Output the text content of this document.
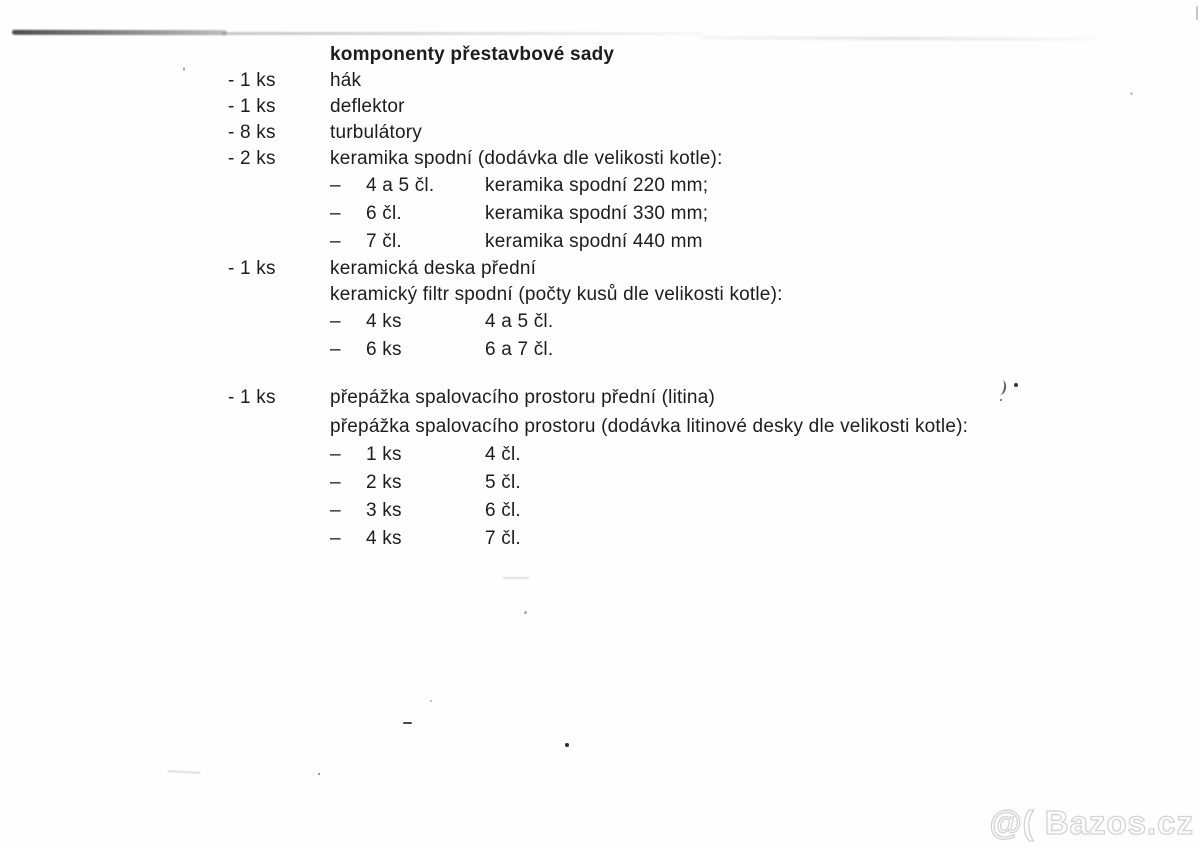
komponenty přestavbové sady
- 1 ks	hák
- 1 ks	deflektor
- 8 ks	turbulátory
- 2 ks	keramika spodní (dodávka dle velikosti kotle):
–	4 a 5 čl.	keramika spodní 220 mm;
–	6 čl.	keramika spodní 330 mm;
–	7 čl.	keramika spodní 440 mm
- 1 ks	keramická deska přední
keramický filtr spodní (počty kusů dle velikosti kotle):
–	4 ks	4 a 5 čl.
–	6 ks	6 a 7 čl.
- 1 ks	přepážka spalovacího prostoru přední (litina)
přepážka spalovacího prostoru (dodávka litinové desky dle velikosti kotle):
–	1 ks	4 čl.
–	2 ks	5 čl.
–	3 ks	6 čl.
–	4 ks	7 čl.
@( Bazos.cz
